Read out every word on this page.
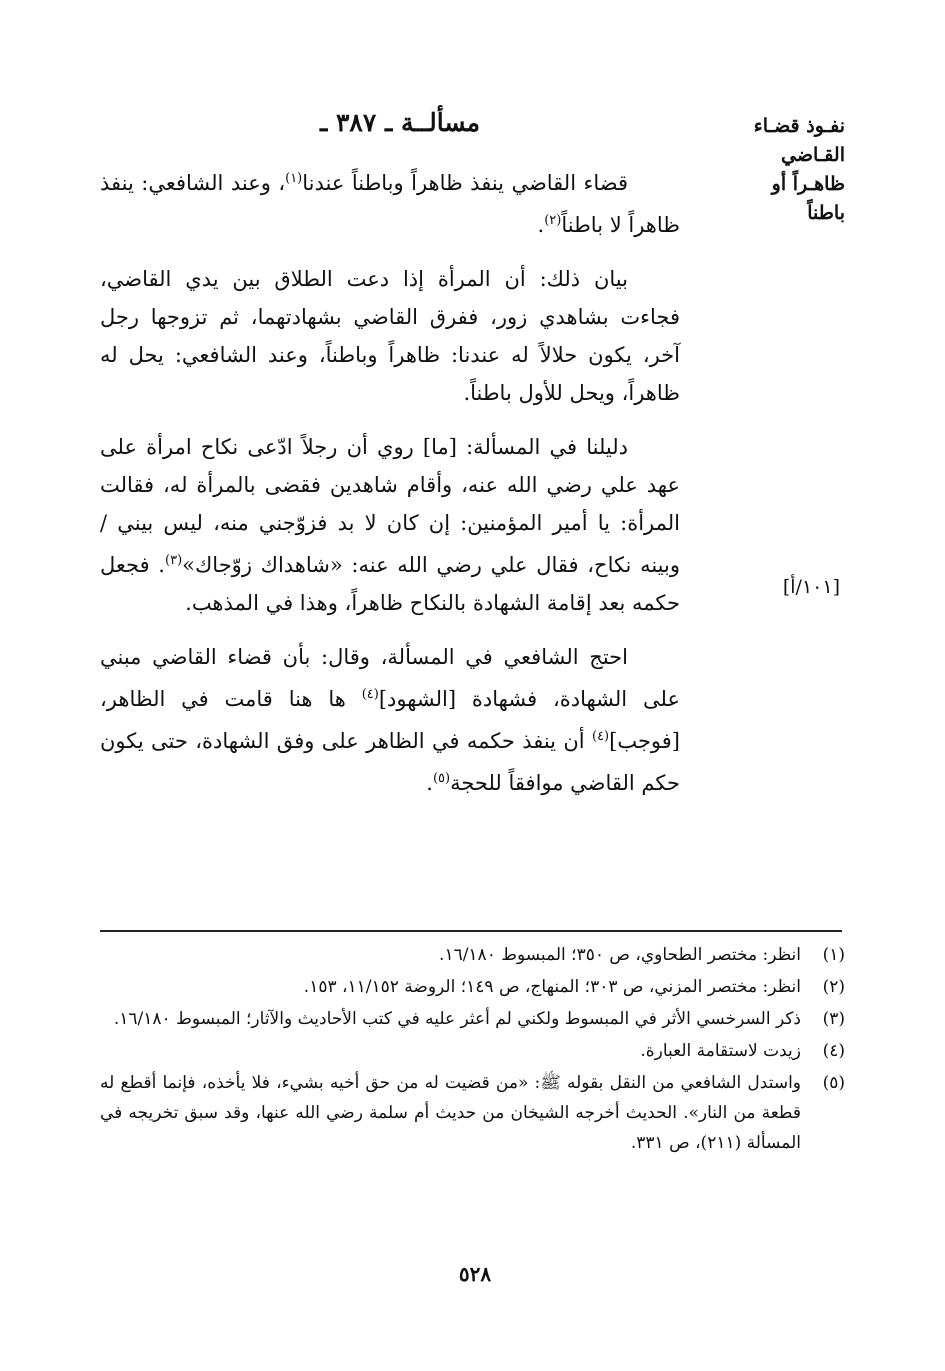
مسألــة ـ ٣٨٧ ـ	نفـوذ قضـاء القـاضي ظاهـراً أو باطناً

قضاء القاضي ينفذ ظاهراً وباطناً عندنا$^{(١)}$، وعند الشافعي: ينفذ ظاهراً لا باطناً$^{(٢)}$.

بيان ذلك: أن المرأة إذا دعت الطلاق بين يدي القاضي، فجاءت بشاهدي زور، ففرق القاضي بشهادتهما، ثم تزوجها رجل آخر، يكون حلالاً له عندنا: ظاهراً وباطناً، وعند الشافعي: يحل له ظاهراً، ويحل للأول باطناً.

دليلنا في المسألة: [ما] روي أن رجلاً ادّعى نكاح امرأة على عهد علي رضي الله عنه، وأقام شاهدين فقضى بالمرأة له، فقالت المرأة: يا أمير المؤمنين: إن كان لا بد فزوّجني منه، ليس بيني / وبينه نكاح، فقال علي رضي الله عنه: «شاهداك زوّجاك»$^{(٣)}$. فجعل حكمه بعد إقامة الشهادة بالنكاح ظاهراً، وهذا في المذهب.

احتج الشافعي في المسألة، وقال: بأن قضاء القاضي مبني على الشهادة، فشهادة [الشهود]$^{(٤)}$ ها هنا قامت في الظاهر، [فوجب]$^{(٤)}$ أن ينفذ حكمه في الظاهر على وفق الشهادة، حتى يكون حكم القاضي موافقاً للحجة$^{(٥)}$.

[١٠١/أ]
(١)
انظر: مختصر الطحاوي، ص ٣٥٠؛ المبسوط ١٦/١٨٠.
(٢)
انظر: مختصر المزني، ص ٣٠٣؛ المنهاج، ص ١٤٩؛ الروضة ١١/١٥٢، ١٥٣.
(٣)
ذكر السرخسي الأثر في المبسوط ولكني لم أعثر عليه في كتب الأحاديث والآثار؛ المبسوط ١٦/١٨٠.
(٤)
زيدت لاستقامة العبارة.
(٥)
واستدل الشافعي من النقل بقوله ﷺ: «من قضيت له من حق أخيه بشيء، فلا يأخذه، فإنما أقطع له قطعة من النار». الحديث أخرجه الشيخان من حديث أم سلمة رضي الله عنها، وقد سبق تخريجه في المسألة (٢١١)، ص ٣٣١.
٥٢٨
